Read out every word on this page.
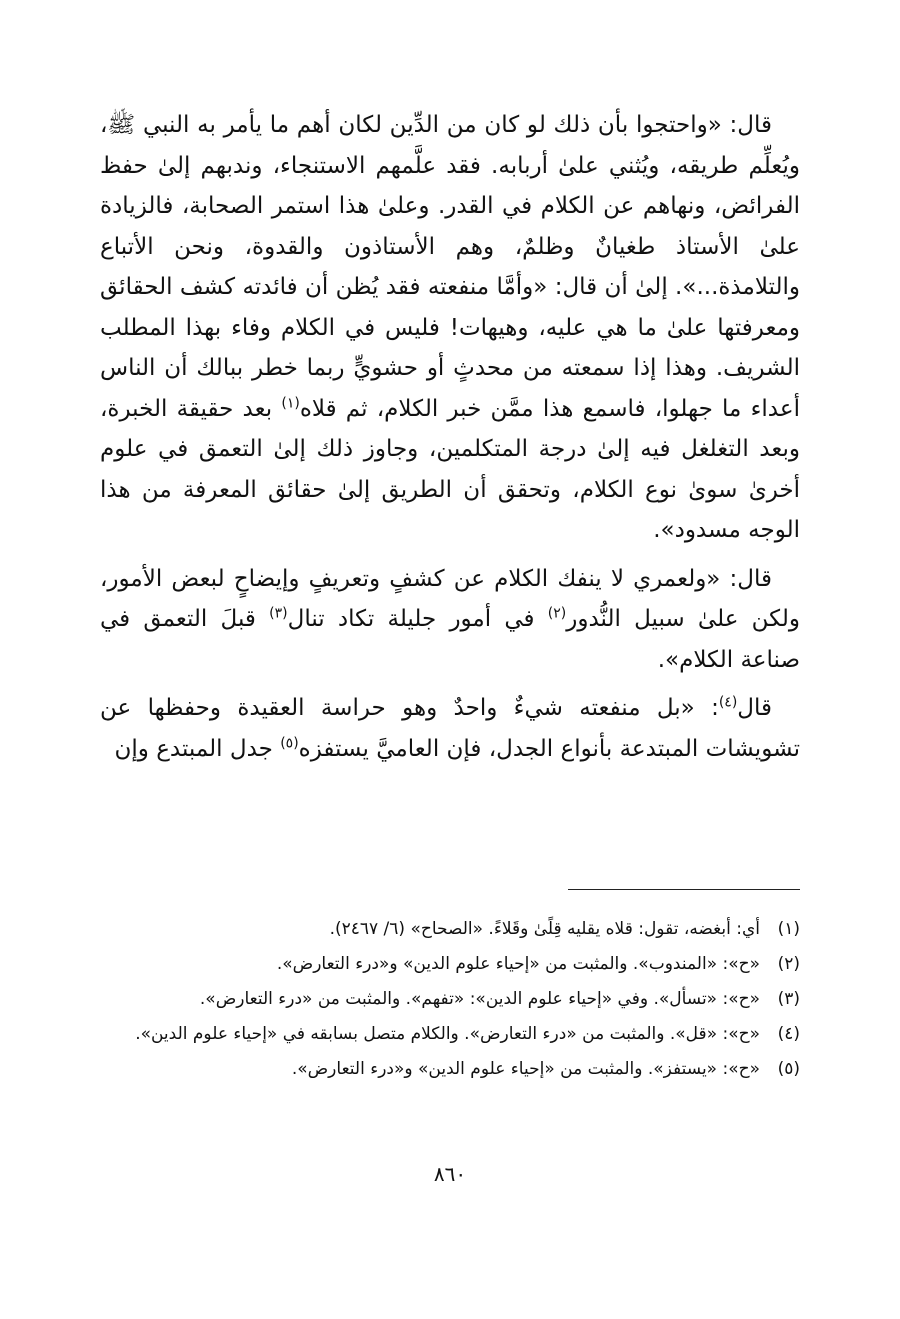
قال: «واحتجوا بأن ذلك لو كان من الدِّين لكان أهم ما يأمر به النبي ﷺ، ويُعلِّم طريقه، ويُثني علىٰ أربابه. فقد علَّمهم الاستنجاء، وندبهم إلىٰ حفظ الفرائض، ونهاهم عن الكلام في القدر. وعلىٰ هذا استمر الصحابة، فالزيادة علىٰ الأستاذ طغيانٌ وظلمٌ، وهم الأستاذون والقدوة، ونحن الأتباع والتلامذة...». إلىٰ أن قال: «وأمَّا منفعته فقد يُظن أن فائدته كشف الحقائق ومعرفتها علىٰ ما هي عليه، وهيهات! فليس في الكلام وفاء بهذا المطلب الشريف. وهذا إذا سمعته من محدثٍ أو حشويٍّ ربما خطر ببالك أن الناس أعداء ما جهلوا، فاسمع هذا ممَّن خبر الكلام، ثم قلاه$^{(١)}$ بعد حقيقة الخبرة، وبعد التغلغل فيه إلىٰ درجة المتكلمين، وجاوز ذلك إلىٰ التعمق في علوم أخرىٰ سوىٰ نوع الكلام، وتحقق أن الطريق إلىٰ حقائق المعرفة من هذا الوجه مسدود».

قال: «ولعمري لا ينفك الكلام عن كشفٍ وتعريفٍ وإيضاحٍ لبعض الأمور، ولكن علىٰ سبيل النُّدور$^{(٢)}$ في أمور جليلة تكاد تنال$^{(٣)}$ قبلَ التعمق في صناعة الكلام».

قال$^{(٤)}$: «بل منفعته شيءٌ واحدٌ وهو حراسة العقيدة وحفظها عن تشويشات المبتدعة بأنواع الجدل، فإن العاميَّ يستفزه$^{(٥)}$ جدل المبتدع وإن

(١)
أي: أبغضه، تقول: قلاه يقليه قِلًىٰ وقَلاءً. «الصحاح» (٦/ ٢٤٦٧).
(٢)
«ح»: «المندوب». والمثبت من «إحياء علوم الدين» و«درء التعارض».
(٣)
«ح»: «تسأل». وفي «إحياء علوم الدين»: «تفهم». والمثبت من «درء التعارض».
(٤)
«ح»: «قل». والمثبت من «درء التعارض». والكلام متصل بسابقه في «إحياء علوم الدين».
(٥)
«ح»: «يستفز». والمثبت من «إحياء علوم الدين» و«درء التعارض».
٨٦٠
